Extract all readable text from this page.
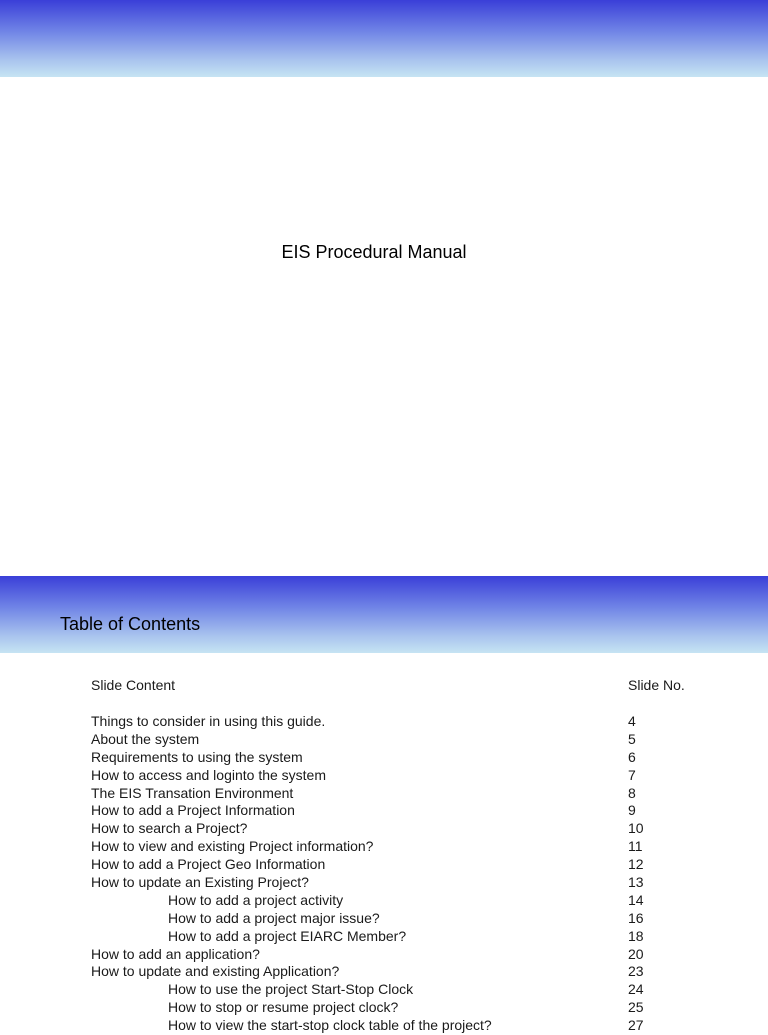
EIS Procedural Manual
Table of Contents
Slide Content	Slide No.
Things to consider in using this guide.	4
About the system	5
Requirements to using the system	6
How to access and loginto the system	7
The EIS Transation Environment	8
How to add a Project Information	9
How to search a Project?	10
How to view and existing Project information?	11
How to add a Project Geo Information	12
How to update an Existing Project?	13
How to add a project activity	14
How to add a project major issue?	16
How to add a project EIARC Member?	18
How to add an application?	20
How to update and existing Application?	23
How to use the project Start-Stop Clock	24
How to stop or resume project clock?	25
How to view the start-stop clock table of the project?	27
